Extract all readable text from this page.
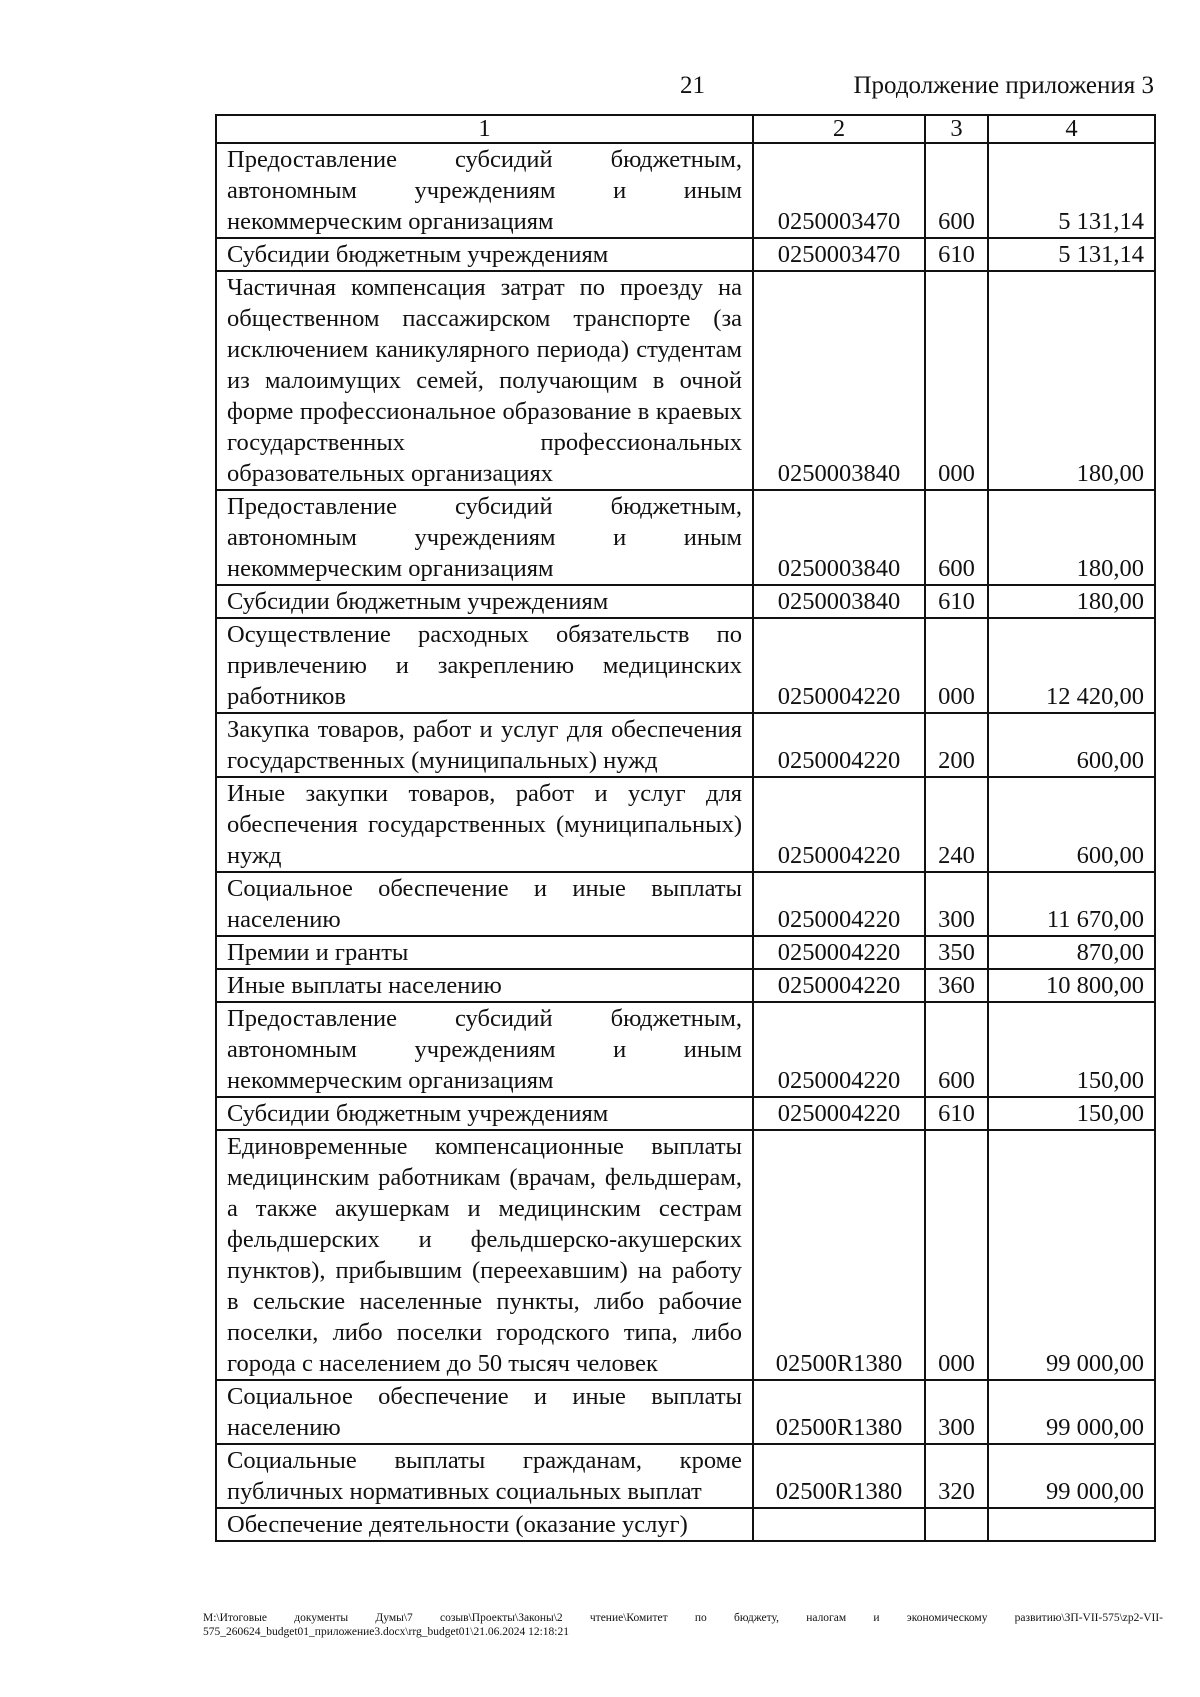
21	Продолжение приложения 3
1	2	3	4
Предоставление субсидий бюджетным, автономным учреждениям и иным некоммерческим организациям	0250003470	600	5 131,14
Субсидии бюджетным учреждениям	0250003470	610	5 131,14
Частичная компенсация затрат по проезду на общественном пассажирском транспорте (за исключением каникулярного периода) студентам из малоимущих семей, получающим в очной форме профессиональное образование в краевых государственных профессиональных образовательных организациях	0250003840	000	180,00
Предоставление субсидий бюджетным, автономным учреждениям и иным некоммерческим организациям	0250003840	600	180,00
Субсидии бюджетным учреждениям	0250003840	610	180,00
Осуществление расходных обязательств по привлечению и закреплению медицинских работников	0250004220	000	12 420,00
Закупка товаров, работ и услуг для обеспечения государственных (муниципальных) нужд	0250004220	200	600,00
Иные закупки товаров, работ и услуг для обеспечения государственных (муниципальных) нужд	0250004220	240	600,00
Социальное обеспечение и иные выплаты населению	0250004220	300	11 670,00
Премии и гранты	0250004220	350	870,00
Иные выплаты населению	0250004220	360	10 800,00
Предоставление субсидий бюджетным, автономным учреждениям и иным некоммерческим организациям	0250004220	600	150,00
Субсидии бюджетным учреждениям	0250004220	610	150,00
Единовременные компенсационные выплаты медицинским работникам (врачам, фельдшерам, а также акушеркам и медицинским сестрам фельдшерских и фельдшерско-акушерских пунктов), прибывшим (переехавшим) на работу в сельские населенные пункты, либо рабочие поселки, либо поселки городского типа, либо города с населением до 50 тысяч человек	02500R1380	000	99 000,00
Социальное обеспечение и иные выплаты населению	02500R1380	300	99 000,00
Социальные выплаты гражданам, кроме публичных нормативных социальных выплат	02500R1380	320	99 000,00
Обеспечение деятельности (оказание услуг)			
M:\Итоговые документы Думы\7 созыв\Проекты\Законы\2 чтение\Комитет по бюджету, налогам и экономическому развитию\ЗП-VII-575\zp2-VII-575_260624_budget01_приложение3.docx\rrg_budget01\21.06.2024 12:18:21
